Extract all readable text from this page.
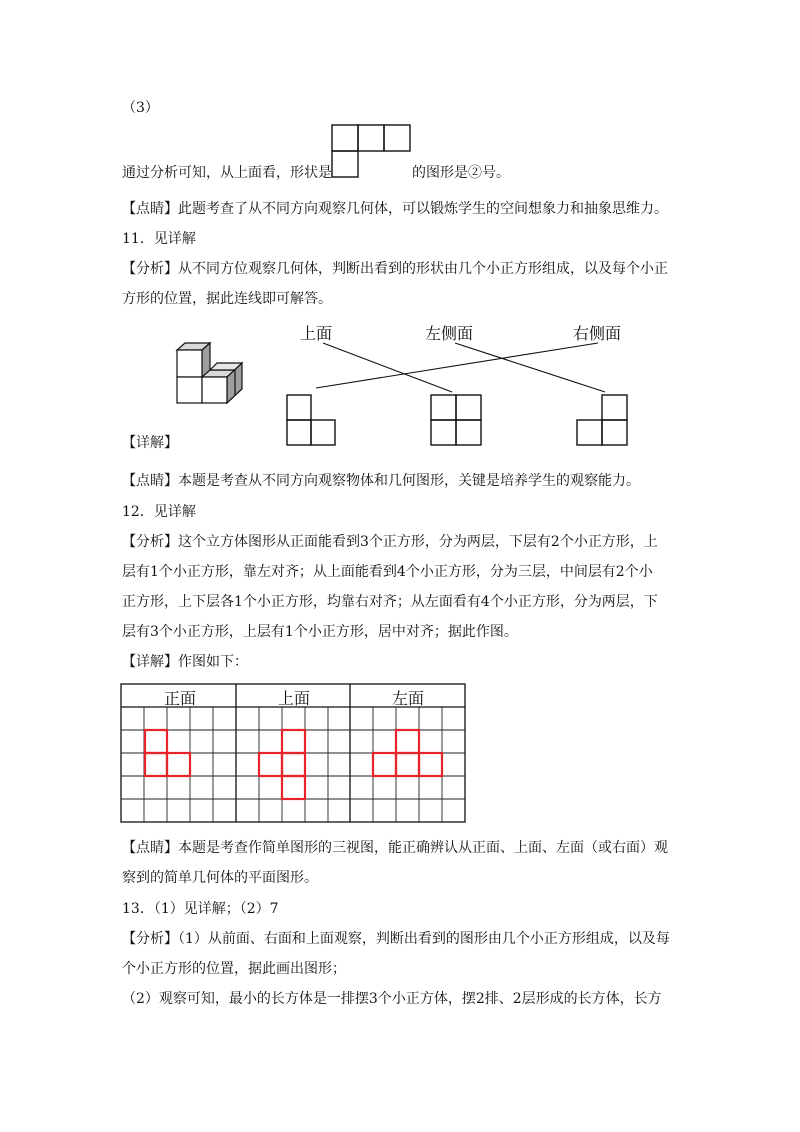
（3）
通过分析可知，从上面看，形状是	的图形是②号。
【点睛】此题考查了从不同方向观察几何体，可以锻炼学生的空间想象力和抽象思维力。
11．见详解
【分析】从不同方位观察几何体，判断出看到的形状由几个小正方形组成，以及每个小正
方形的位置，据此连线即可解答。
上面	左侧面	右侧面
【详解】
【点睛】本题是考查从不同方向观察物体和几何图形，关键是培养学生的观察能力。
12．见详解
【分析】这个立方体图形从正面能看到3个正方形，分为两层，下层有2个小正方形，上
层有1个小正方形，靠左对齐；从上面能看到4个小正方形，分为三层，中间层有2个小
正方形，上下层各1个小正方形，均靠右对齐；从左面看有4个小正方形，分为两层，下
层有3个小正方形，上层有1个小正方形，居中对齐；据此作图。
【详解】作图如下：
正面	上面	左面
【点睛】本题是考查作简单图形的三视图，能正确辨认从正面、上面、左面（或右面）观
察到的简单几何体的平面图形。
13．（1）见详解；（2）7
【分析】（1）从前面、右面和上面观察，判断出看到的图形由几个小正方形组成，以及每
个小正方形的位置，据此画出图形；
（2）观察可知，最小的长方体是一排摆3个小正方体，摆2排、2层形成的长方体，长方
